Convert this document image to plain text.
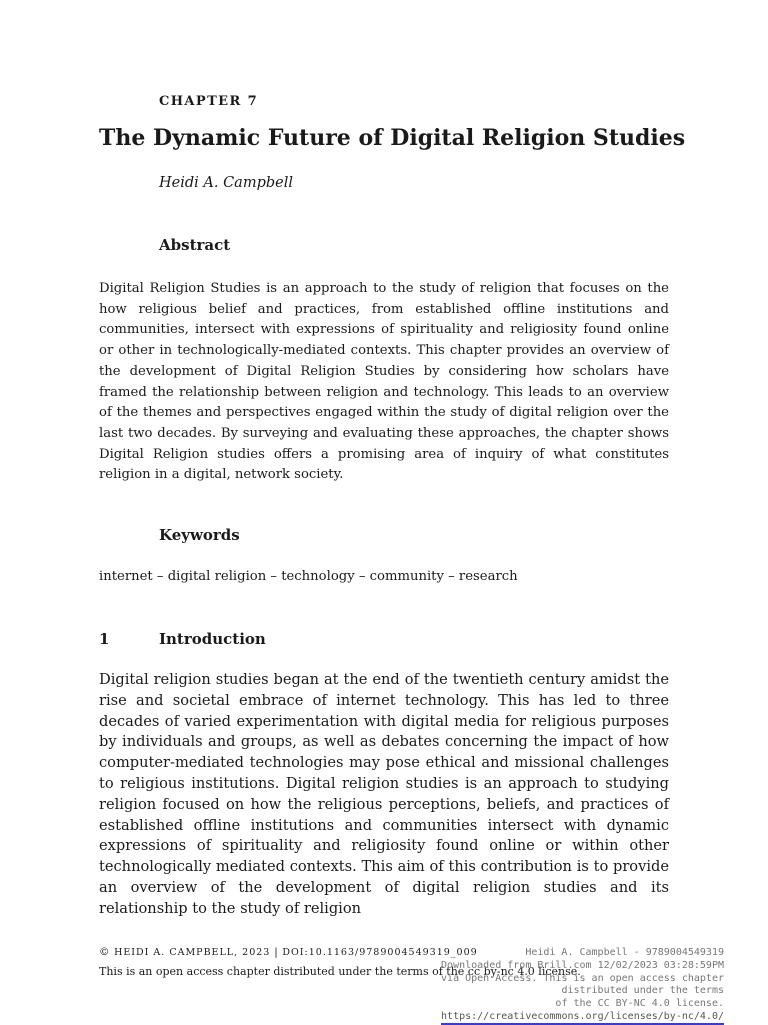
CHAPTER 7
The Dynamic Future of Digital Religion Studies
Heidi A. Campbell
Abstract

Digital Religion Studies is an approach to the study of religion that focuses on the how religious belief and practices, from established offline institutions and communities, intersect with expressions of spirituality and religiosity found online or other in technologically-mediated contexts. This chapter provides an overview of the development of Digital Religion Studies by considering how scholars have framed the relationship between religion and technology. This leads to an overview of the themes and perspectives engaged within the study of digital religion over the last two decades. By surveying and evaluating these approaches, the chapter shows Digital Religion studies offers a promising area of inquiry of what constitutes religion in a digital, network society.

Keywords
internet – digital religion – technology – community – research
1	Introduction

Digital religion studies began at the end of the twentieth century amidst the rise and societal embrace of internet technology. This has led to three decades of varied experimentation with digital media for religious purposes by individuals and groups, as well as debates concerning the impact of how computer-mediated technologies may pose ethical and missional challenges to religious institutions. Digital religion studies is an approach to studying religion focused on how the religious perceptions, beliefs, and practices of established offline institutions and communities intersect with dynamic expressions of spirituality and religiosity found online or within other technologically mediated contexts. This aim of this contribution is to provide an overview of the development of digital religion studies and its relationship to the study of religion

© HEIDI A. CAMPBELL, 2023 | DOI:10.1163/9789004549319_009
This is an open access chapter distributed under the terms of the cc by-nc 4.0 license.
Heidi A. Campbell - 9789004549319
Downloaded from Brill.com 12/02/2023 03:28:59PM
via Open Access. This is an open access chapter distributed under the terms
of the CC BY-NC 4.0 license.
https://creativecommons.org/licenses/by-nc/4.0/
